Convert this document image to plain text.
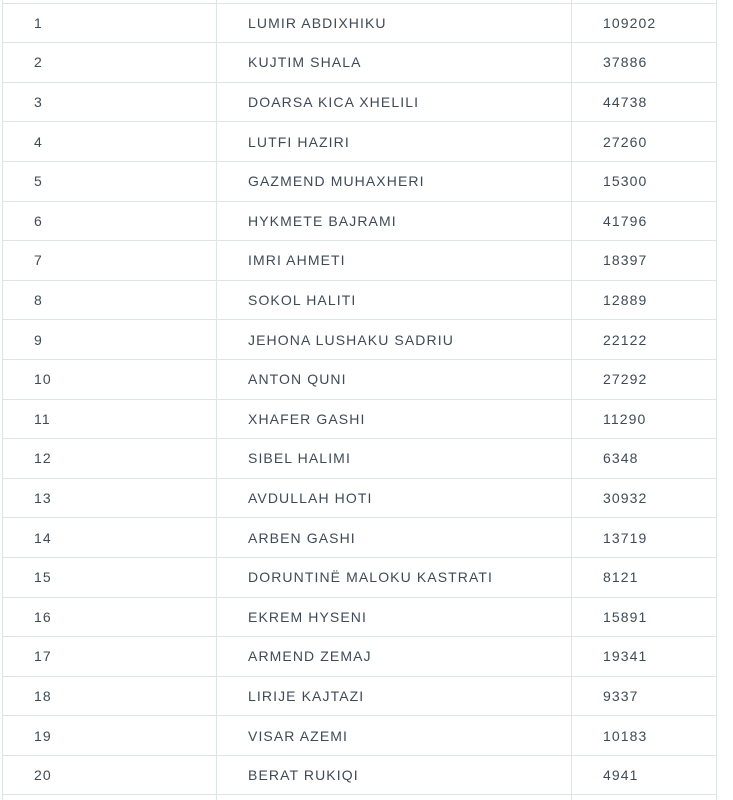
1	LUMIR ABDIXHIKU	109202
2	KUJTIM SHALA	37886
3	DOARSA KICA XHELILI	44738
4	LUTFI HAZIRI	27260
5	GAZMEND MUHAXHERI	15300
6	HYKMETE BAJRAMI	41796
7	IMRI AHMETI	18397
8	SOKOL HALITI	12889
9	JEHONA LUSHAKU SADRIU	22122
10	ANTON QUNI	27292
11	XHAFER GASHI	11290
12	SIBEL HALIMI	6348
13	AVDULLAH HOTI	30932
14	ARBEN GASHI	13719
15	DORUNTINË MALOKU KASTRATI	8121
16	EKREM HYSENI	15891
17	ARMEND ZEMAJ	19341
18	LIRIJE KAJTAZI	9337
19	VISAR AZEMI	10183
20	BERAT RUKIQI	4941
